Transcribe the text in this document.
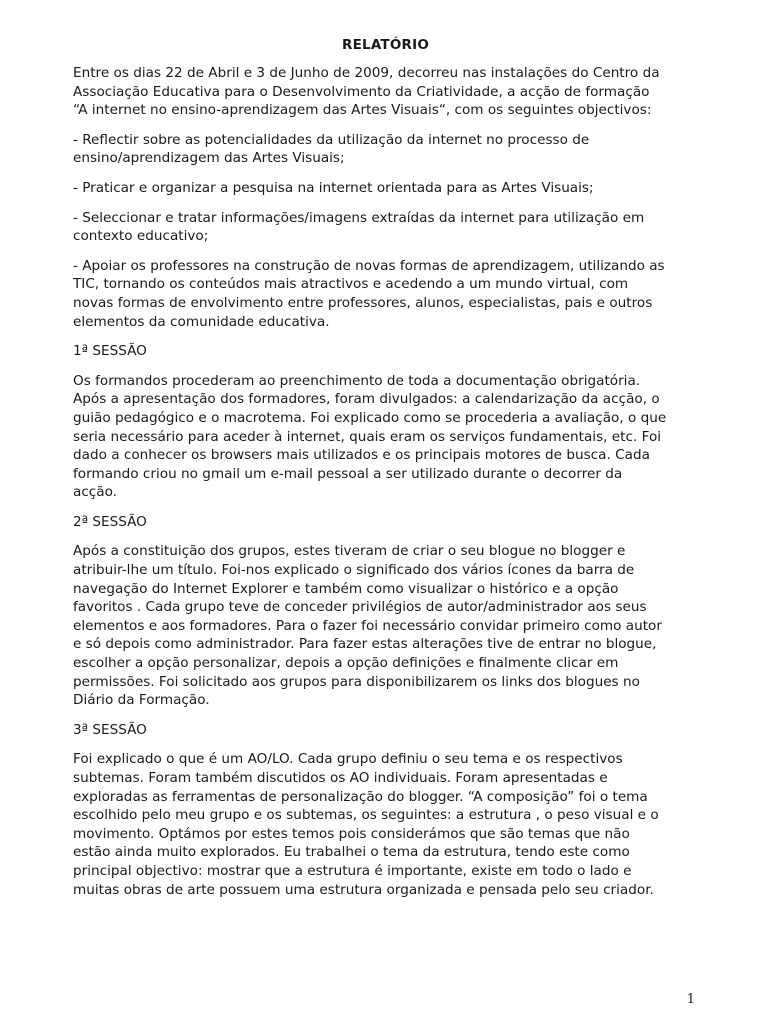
RELATÓRIO
Entre os dias 22 de Abril e 3 de Junho de 2009, decorreu nas instalações do Centro da
Associação Educativa para o Desenvolvimento da Criatividade, a acção de formação
“A internet no ensino-aprendizagem das Artes Visuais“, com os seguintes objectivos:
- Reflectir sobre as potencialidades da utilização da internet no processo de
ensino/aprendizagem das Artes Visuais;
- Praticar e organizar a pesquisa na internet orientada para as Artes Visuais;
- Seleccionar e tratar informações/imagens extraídas da internet para utilização em
contexto educativo;
- Apoiar os professores na construção de novas formas de aprendizagem, utilizando as
TIC, tornando os conteúdos mais atractivos e acedendo a um mundo virtual, com
novas formas de envolvimento entre professores, alunos, especialistas, pais e outros
elementos da comunidade educativa.
1ª SESSÃO
Os formandos procederam ao preenchimento de toda a documentação obrigatória.
Após a apresentação dos formadores, foram divulgados: a calendarização da acção, o
guião pedagógico e o macrotema. Foi explicado como se procederia a avaliação, o que
seria necessário para aceder à internet, quais eram os serviços fundamentais, etc. Foi
dado a conhecer os browsers mais utilizados e os principais motores de busca. Cada
formando criou no gmail um e-mail pessoal a ser utilizado durante o decorrer da
acção.
2ª SESSÃO
Após a constituição dos grupos, estes tiveram de criar o seu blogue no blogger e
atribuir-lhe um título. Foi-nos explicado o significado dos vários ícones da barra de
navegação do Internet Explorer e também como visualizar o histórico e a opção
favoritos . Cada grupo teve de conceder privilégios de autor/administrador aos seus
elementos e aos formadores. Para o fazer foi necessário convidar primeiro como autor
e só depois como administrador. Para fazer estas alterações tive de entrar no blogue,
escolher a opção personalizar, depois a opção definições e finalmente clicar em
permissões. Foi solicitado aos grupos para disponibilizarem os links dos blogues no
Diário da Formação.
3ª SESSÃO
Foi explicado o que é um AO/LO. Cada grupo definiu o seu tema e os respectivos
subtemas. Foram também discutidos os AO individuais. Foram apresentadas e
exploradas as ferramentas de personalização do blogger. “A composição” foi o tema
escolhido pelo meu grupo e os subtemas, os seguintes: a estrutura , o peso visual e o
movimento. Optámos por estes temos pois considerámos que são temas que não
estão ainda muito explorados. Eu trabalhei o tema da estrutura, tendo este como
principal objectivo: mostrar que a estrutura é importante, existe em todo o lado e
muitas obras de arte possuem uma estrutura organizada e pensada pelo seu criador.
1
